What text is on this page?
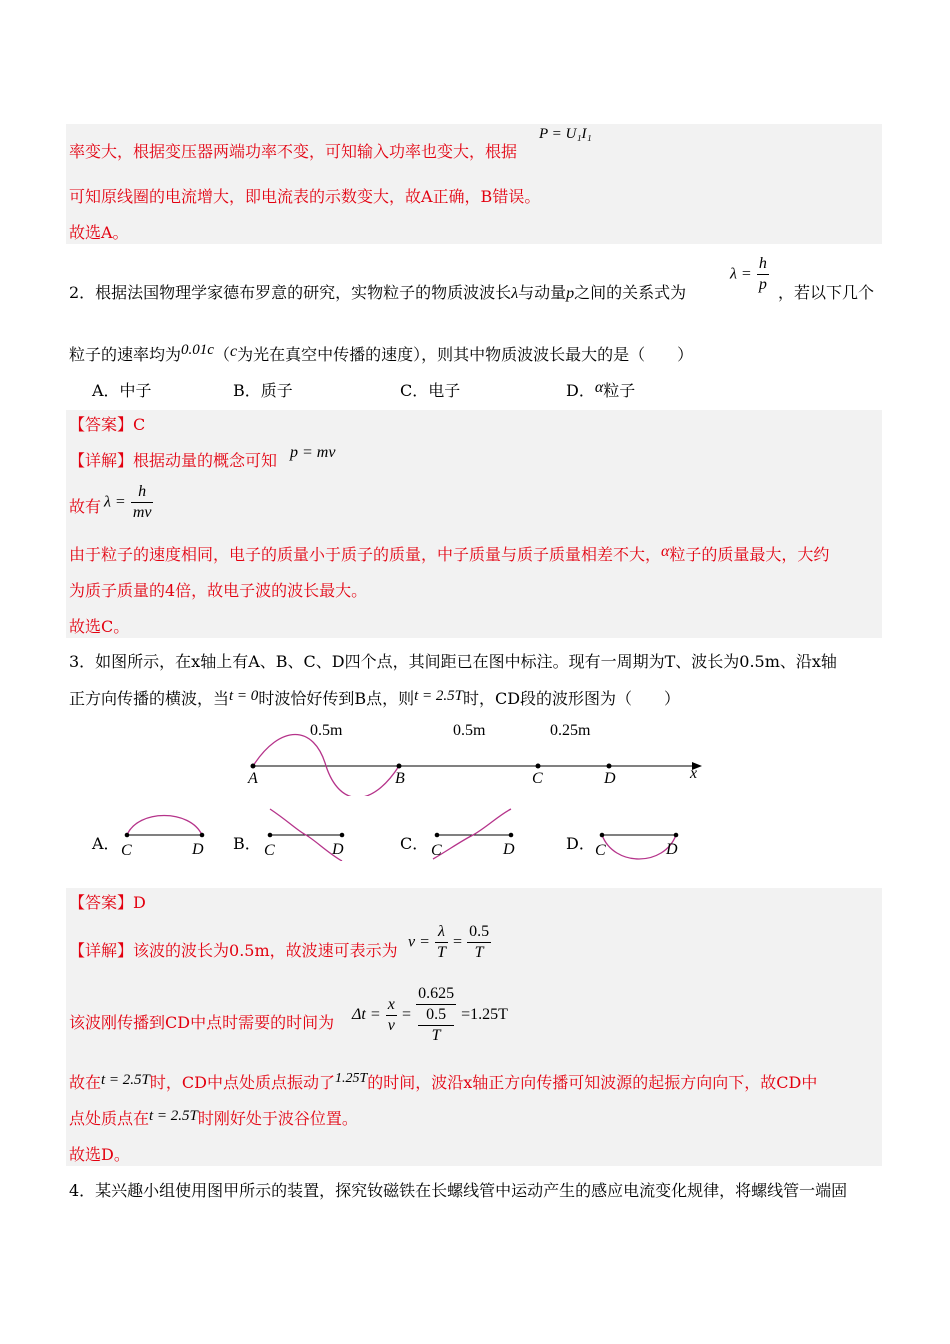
率变大，根据变压器两端功率不变，可知输入功率也变大，根据
P = U₁I₁
可知原线圈的电流增大，即电流表的示数变大，故A正确，B错误。
故选A。
2．根据法国物理学家德布罗意的研究，实物粒子的物质波波长λ与动量p之间的关系式为
$\lambda = \frac{h}{p}$ ，若以下几个
粒子的速率均为0.01c（c为光在真空中传播的速度），则其中物质波波长最大的是（　　）
A．中子	B．质子	C．电子	D．α粒子
【答案】C
【详解】根据动量的概念可知 p = mv
故有 $\lambda = \frac{h}{mv}$
由于粒子的速度相同，电子的质量小于质子的质量，中子质量与质子质量相差不大，α粒子的质量最大，大约
为质子质量的4倍，故电子波的波长最大。
故选C。
3．如图所示，在x轴上有A、B、C、D四个点，其间距已在图中标注。现有一周期为T、波长为0.5m、沿x轴
正方向传播的横波，当t = 0时波恰好传到B点，则t = 2.5T时，CD段的波形图为（　　）
0.5m	0.5m	0.25m
A	B	C	D	x
A． C	D B． C	D	C． C	D	D． C	D
【答案】D
【详解】该波的波长为0.5m，故波速可表示为 $v = \frac{\lambda}{T} = \frac{0.5}{T}$
该波刚传播到CD中点时需要的时间为 $\Delta t = \frac{x}{v} = 0.625$
0.5
T =1.25T
故在t = 2.5T时，CD中点处质点振动了1.25T的时间，波沿x轴正方向传播可知波源的起振方向向下，故CD中
点处质点在t = 2.5T时刚好处于波谷位置。
故选D。
4．某兴趣小组使用图甲所示的装置，探究钕磁铁在长螺线管中运动产生的感应电流变化规律，将螺线管一端固
